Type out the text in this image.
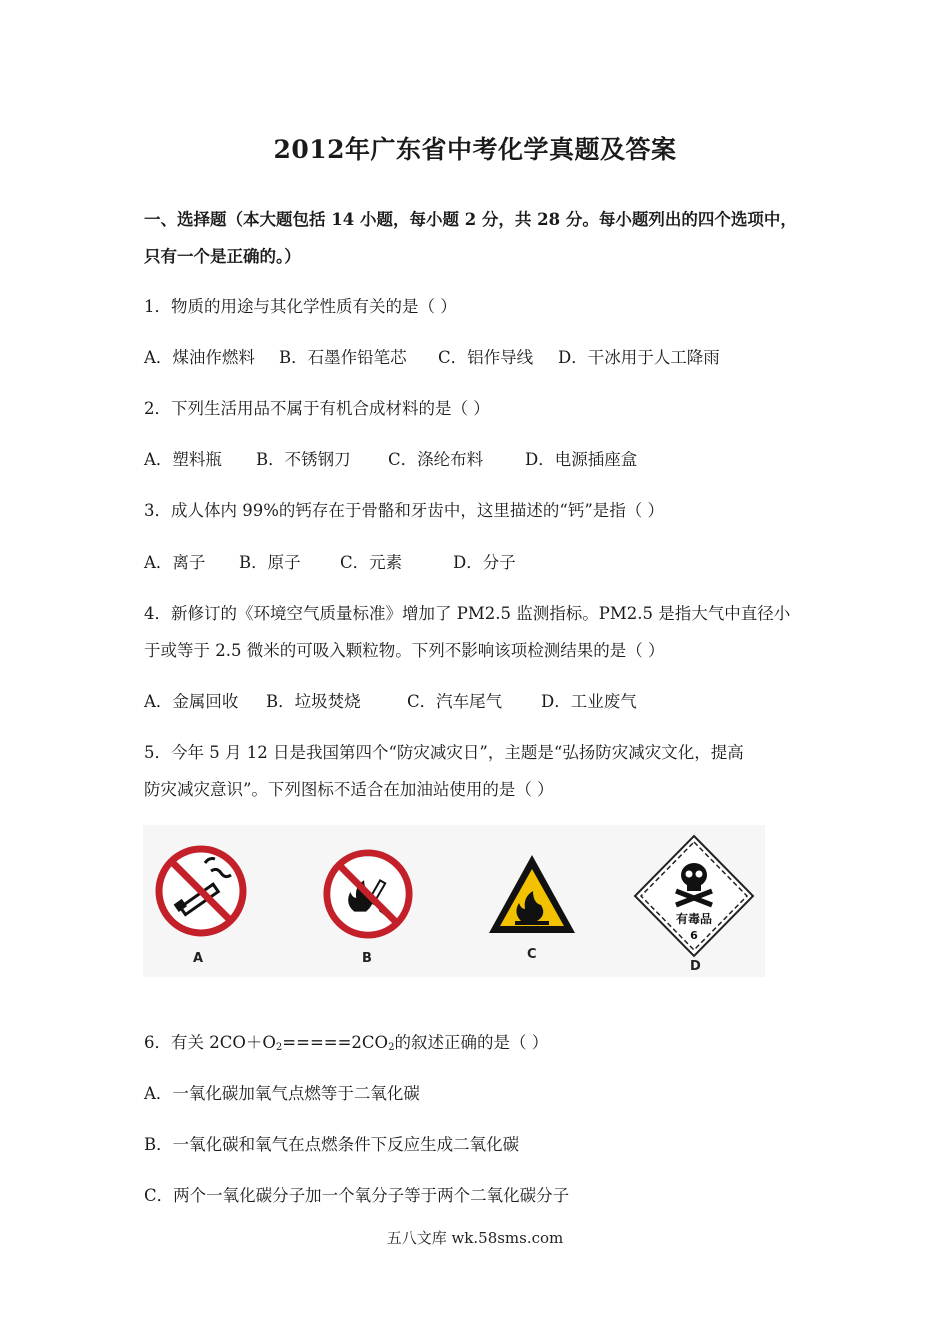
2012年广东省中考化学真题及答案
一、选择题（本大题包括 14 小题，每小题 2 分，共 28 分。每小题列出的四个选项中，
只有一个是正确的。）
1．物质的用途与其化学性质有关的是（ ）
A．煤油作燃料 B．石墨作铅笔芯 C．铝作导线 D．干冰用于人工降雨
2．下列生活用品不属于有机合成材料的是（ ）
A．塑料瓶 B．不锈钢刀 C．涤纶布料	D．电源插座盒
3．成人体内 99%的钙存在于骨骼和牙齿中，这里描述的“钙”是指（ ）
A．离子 B．原子 C．元素	D．分子
4．新修订的《环境空气质量标准》增加了 PM2.5 监测指标。PM2.5 是指大气中直径小
于或等于 2.5 微米的可吸入颗粒物。下列不影响该项检测结果的是（ ）
A．金属回收 B．垃圾焚烧	C．汽车尾气 D．工业废气
5．今年 5 月 12 日是我国第四个“防灾减灾日”，主题是“弘扬防灾减灾文化，提高
防灾减灾意识”。下列图标不适合在加油站使用的是（ ）
A	B	C
有毒品
6
D
6．有关 $2CO+O_2=====2CO_2$的叙述正确的是（ ）
A．一氧化碳加氧气点燃等于二氧化碳
B．一氧化碳和氧气在点燃条件下反应生成二氧化碳
C．两个一氧化碳分子加一个氧分子等于两个二氧化碳分子
五八文库 wk.58sms.com
